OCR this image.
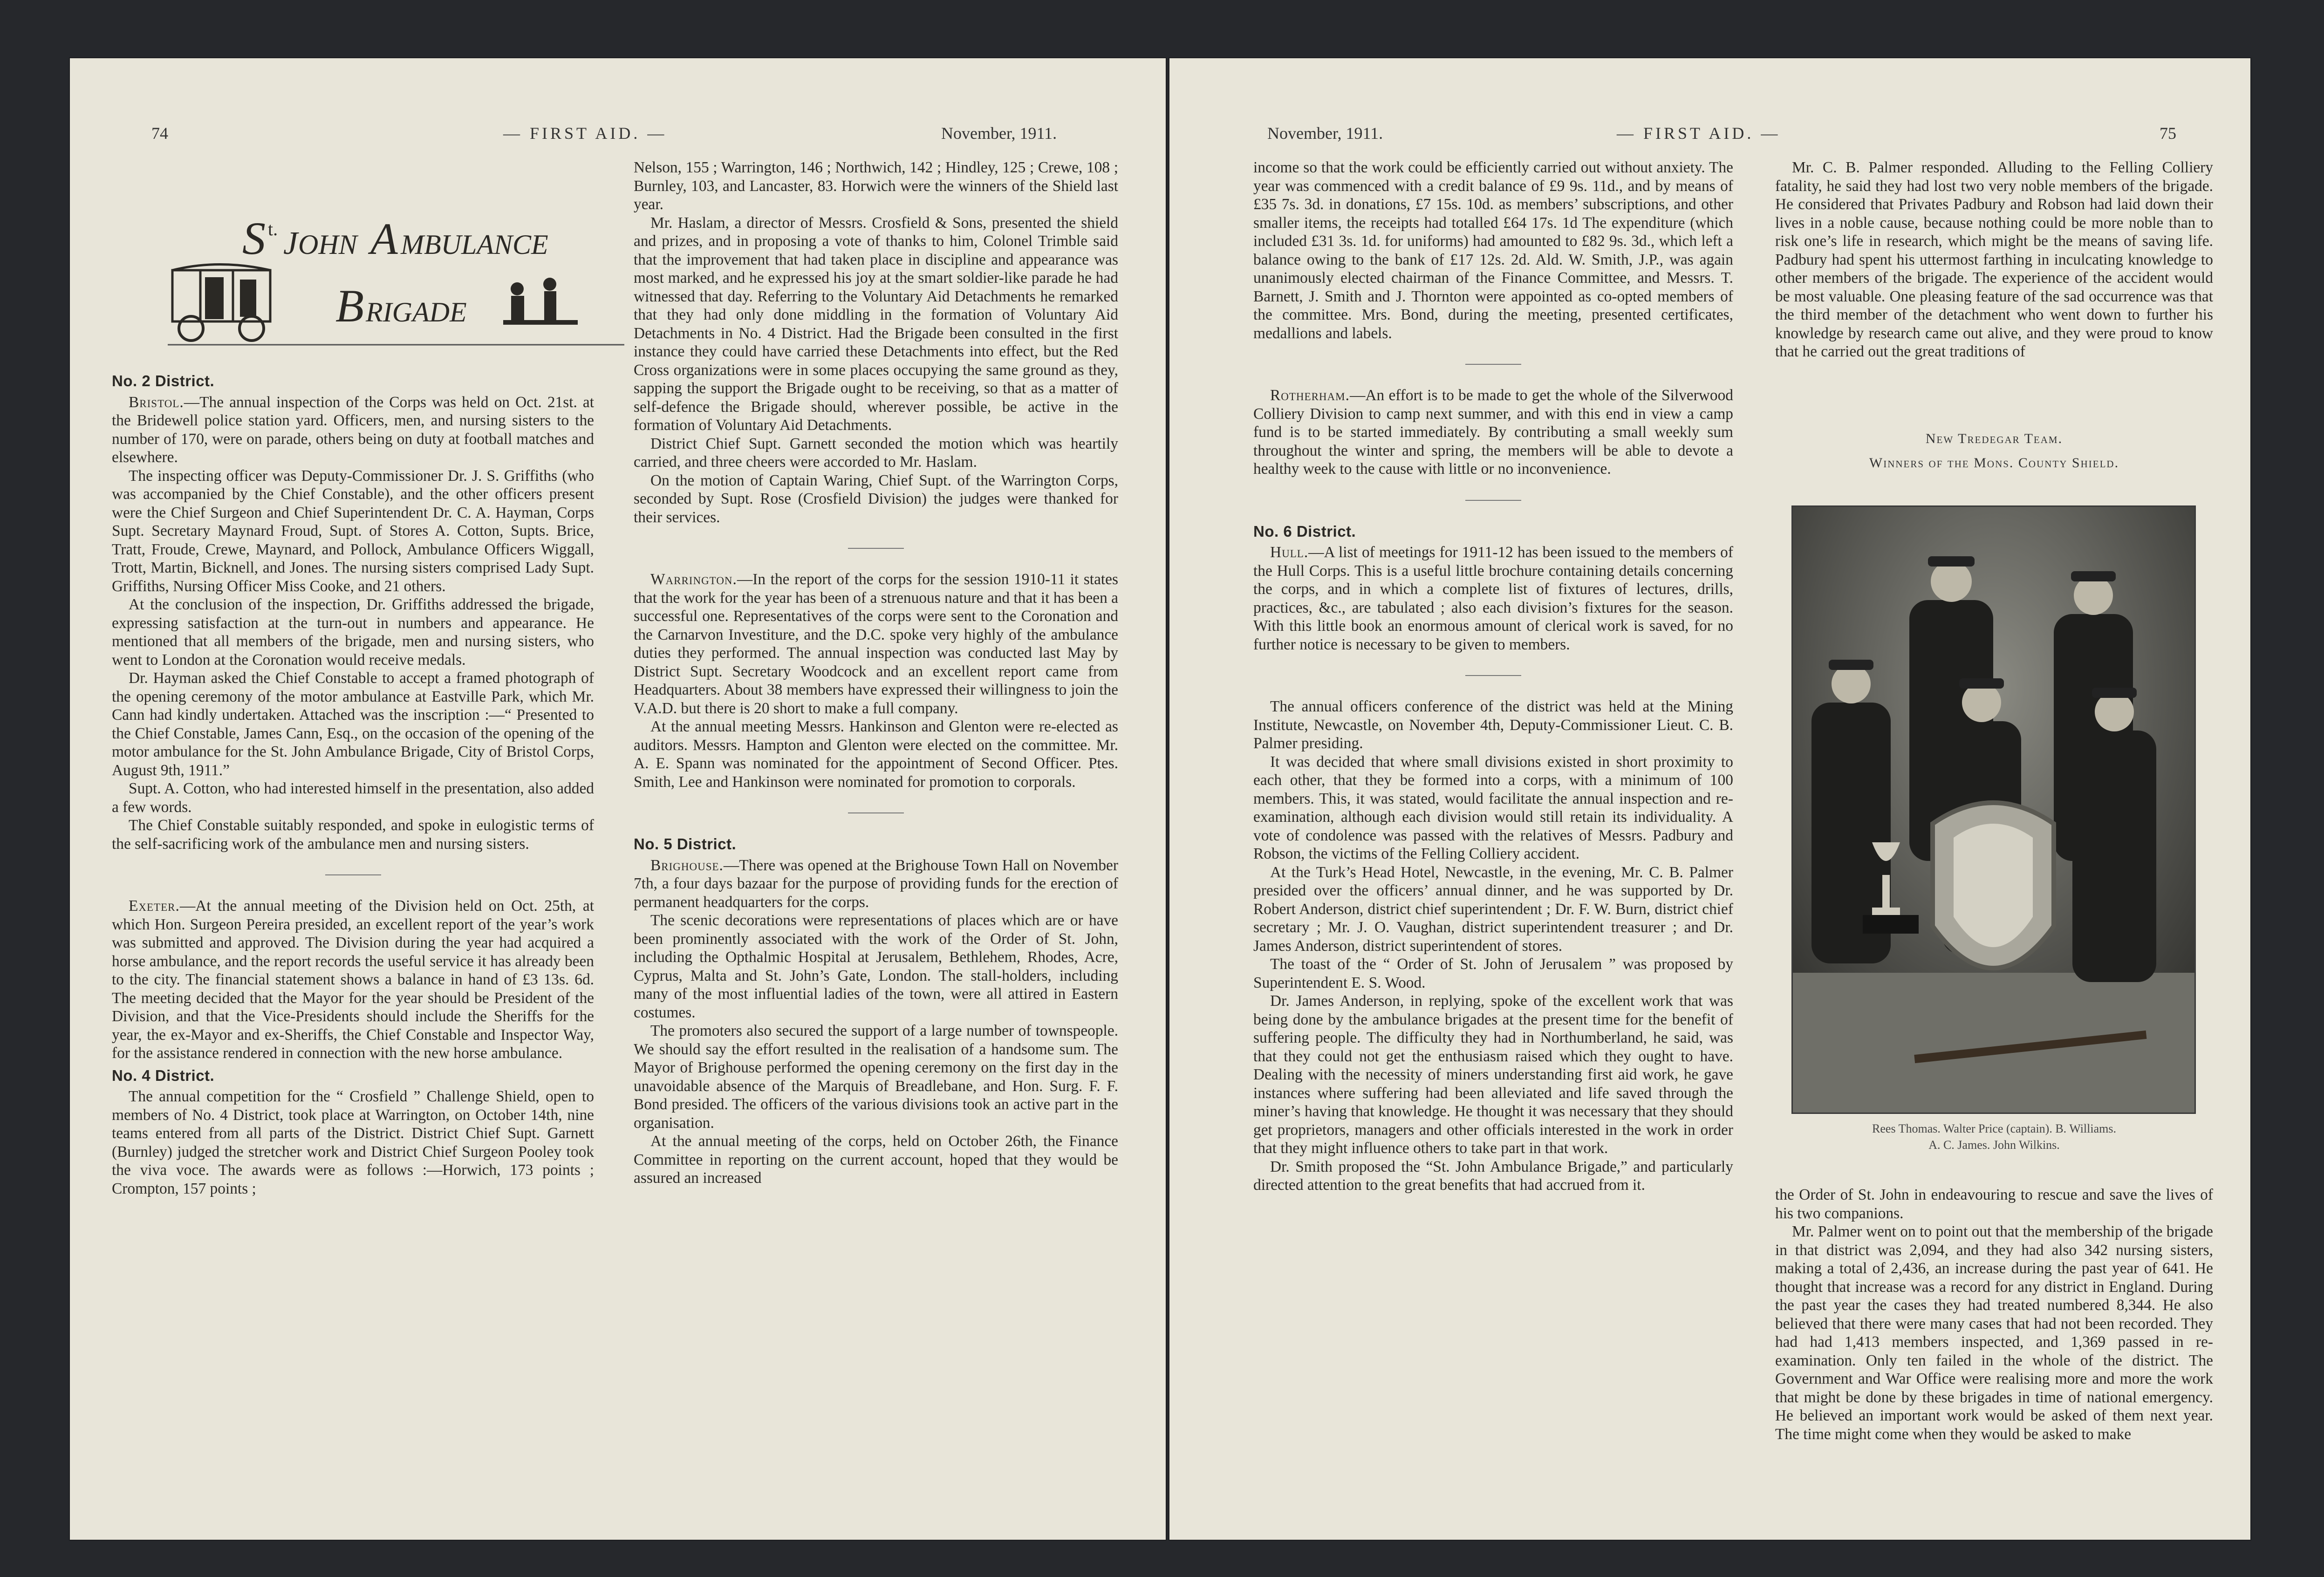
74	— FIRST AID. —	November, 1911.
S t. J OHN A MBULANCE
B RIGADE
No. 2 District.

Bristol.—The annual inspection of the Corps was held on Oct. 21st. at the Bridewell police station yard. Officers, men, and nursing sisters to the number of 170, were on parade, others being on duty at football matches and elsewhere.

The inspecting officer was Deputy-Commissioner Dr. J. S. Griffiths (who was accompanied by the Chief Constable), and the other officers present were the Chief Surgeon and Chief Superintendent Dr. C. A. Hayman, Corps Supt. Secretary Maynard Froud, Supt. of Stores A. Cotton, Supts. Brice, Tratt, Froude, Crewe, Maynard, and Pollock, Ambulance Officers Wiggall, Trott, Martin, Bicknell, and Jones. The nursing sisters comprised Lady Supt. Griffiths, Nursing Officer Miss Cooke, and 21 others.

At the conclusion of the inspection, Dr. Griffiths addressed the brigade, expressing satisfaction at the turn-out in numbers and appearance. He mentioned that all members of the brigade, men and nursing sisters, who went to London at the Coronation would receive medals.

Dr. Hayman asked the Chief Constable to accept a framed photograph of the opening ceremony of the motor ambulance at Eastville Park, which Mr. Cann had kindly undertaken. Attached was the inscription :—“ Presented to the Chief Constable, James Cann, Esq., on the occasion of the opening of the motor ambulance for the St. John Ambulance Brigade, City of Bristol Corps, August 9th, 1911.”

Supt. A. Cotton, who had interested himself in the presentation, also added a few words.

The Chief Constable suitably responded, and spoke in eulogistic terms of the self-sacrificing work of the ambulance men and nursing sisters.

Exeter.—At the annual meeting of the Division held on Oct. 25th, at which Hon. Surgeon Pereira presided, an excellent report of the year’s work was submitted and approved. The Division during the year had acquired a horse ambulance, and the report records the useful service it has already been to the city. The financial statement shows a balance in hand of £3 13s. 6d. The meeting decided that the Mayor for the year should be President of the Division, and that the Vice-Presidents should include the Sheriffs for the year, the ex-Mayor and ex-Sheriffs, the Chief Constable and Inspector Way, for the assistance rendered in connection with the new horse ambulance.

No. 4 District.

The annual competition for the “ Crosfield ” Challenge Shield, open to members of No. 4 District, took place at Warrington, on October 14th, nine teams entered from all parts of the District. District Chief Supt. Garnett (Burnley) judged the stretcher work and District Chief Surgeon Pooley took the viva voce. The awards were as follows :—Horwich, 173 points ; Crompton, 157 points ;

Nelson, 155 ; Warrington, 146 ; Northwich, 142 ; Hindley, 125 ; Crewe, 108 ; Burnley, 103, and Lancaster, 83. Horwich were the winners of the Shield last year.

Mr. Haslam, a director of Messrs. Crosfield & Sons, presented the shield and prizes, and in proposing a vote of thanks to him, Colonel Trimble said that the improvement that had taken place in discipline and appearance was most marked, and he expressed his joy at the smart soldier-like parade he had witnessed that day. Referring to the Voluntary Aid Detachments he remarked that they had only done middling in the formation of Voluntary Aid Detachments in No. 4 District. Had the Brigade been consulted in the first instance they could have carried these Detachments into effect, but the Red Cross organizations were in some places occupying the same ground as they, sapping the support the Brigade ought to be receiving, so that as a matter of self-defence the Brigade should, wherever possible, be active in the formation of Voluntary Aid Detachments.

District Chief Supt. Garnett seconded the motion which was heartily carried, and three cheers were accorded to Mr. Haslam.

On the motion of Captain Waring, Chief Supt. of the Warrington Corps, seconded by Supt. Rose (Crosfield Division) the judges were thanked for their services.

Warrington.—In the report of the corps for the session 1910-11 it states that the work for the year has been of a strenuous nature and that it has been a successful one. Representatives of the corps were sent to the Coronation and the Carnarvon Investiture, and the D.C. spoke very highly of the ambulance duties they performed. The annual inspection was conducted last May by District Supt. Secretary Woodcock and an excellent report came from Headquarters. About 38 members have expressed their willingness to join the V.A.D. but there is 20 short to make a full company.

At the annual meeting Messrs. Hankinson and Glenton were re-elected as auditors. Messrs. Hampton and Glenton were elected on the committee. Mr. A. E. Spann was nominated for the appointment of Second Officer. Ptes. Smith, Lee and Hankinson were nominated for promotion to corporals.

No. 5 District.

Brighouse.—There was opened at the Brighouse Town Hall on November 7th, a four days bazaar for the purpose of providing funds for the erection of permanent headquarters for the corps.

The scenic decorations were representations of places which are or have been prominently associated with the work of the Order of St. John, including the Opthalmic Hospital at Jerusalem, Bethlehem, Rhodes, Acre, Cyprus, Malta and St. John’s Gate, London. The stall-holders, including many of the most influential ladies of the town, were all attired in Eastern costumes.

The promoters also secured the support of a large number of townspeople. We should say the effort resulted in the realisation of a handsome sum. The Mayor of Brighouse performed the opening ceremony on the first day in the unavoidable absence of the Marquis of Breadlebane, and Hon. Surg. F. F. Bond presided. The officers of the various divisions took an active part in the organisation.

At the annual meeting of the corps, held on October 26th, the Finance Committee in reporting on the current account, hoped that they would be assured an increased

November, 1911.	— FIRST AID. —	75

income so that the work could be efficiently carried out without anxiety. The year was commenced with a credit balance of £9 9s. 11d., and by means of £35 7s. 3d. in donations, £7 15s. 10d. as members’ subscriptions, and other smaller items, the receipts had totalled £64 17s. 1d The expenditure (which included £31 3s. 1d. for uniforms) had amounted to £82 9s. 3d., which left a balance owing to the bank of £17 12s. 2d. Ald. W. Smith, J.P., was again unanimously elected chairman of the Finance Committee, and Messrs. T. Barnett, J. Smith and J. Thornton were appointed as co-opted members of the committee. Mrs. Bond, during the meeting, presented certificates, medallions and labels.

Rotherham.—An effort is to be made to get the whole of the Silverwood Colliery Division to camp next summer, and with this end in view a camp fund is to be started immediately. By contributing a small weekly sum throughout the winter and spring, the members will be able to devote a healthy week to the cause with little or no inconvenience.

No. 6 District.

Hull.—A list of meetings for 1911-12 has been issued to the members of the Hull Corps. This is a useful little brochure containing details concerning the corps, and in which a complete list of fixtures of lectures, drills, practices, &c., are tabulated ; also each division’s fixtures for the season. With this little book an enormous amount of clerical work is saved, for no further notice is necessary to be given to members.

The annual officers conference of the district was held at the Mining Institute, Newcastle, on November 4th, Deputy-Commissioner Lieut. C. B. Palmer presiding.

It was decided that where small divisions existed in short proximity to each other, that they be formed into a corps, with a minimum of 100 members. This, it was stated, would facilitate the annual inspection and re-examination, although each division would still retain its individuality. A vote of condolence was passed with the relatives of Messrs. Padbury and Robson, the victims of the Felling Colliery accident.

At the Turk’s Head Hotel, Newcastle, in the evening, Mr. C. B. Palmer presided over the officers’ annual dinner, and he was supported by Dr. Robert Anderson, district chief superintendent ; Dr. F. W. Burn, district chief secretary ; Mr. J. O. Vaughan, district superintendent treasurer ; and Dr. James Anderson, district superintendent of stores.

The toast of the “ Order of St. John of Jerusalem ” was proposed by Superintendent E. S. Wood.

Dr. James Anderson, in replying, spoke of the excellent work that was being done by the ambulance brigades at the present time for the benefit of suffering people. The difficulty they had in Northumberland, he said, was that they could not get the enthusiasm raised which they ought to have. Dealing with the necessity of miners understanding first aid work, he gave instances where suffering had been alleviated and life saved through the miner’s having that knowledge. He thought it was necessary that they should get proprietors, managers and other officials interested in the work in order that they might influence others to take part in that work.

Dr. Smith proposed the “St. John Ambulance Brigade,” and particularly directed attention to the great benefits that had accrued from it.

Mr. C. B. Palmer responded. Alluding to the Felling Colliery fatality, he said they had lost two very noble members of the brigade. He considered that Privates Padbury and Robson had laid down their lives in a noble cause, because nothing could be more noble than to risk one’s life in research, which might be the means of saving life. Padbury had spent his uttermost farthing in inculcating knowledge to other members of the brigade. The experience of the accident would be most valuable. One pleasing feature of the sad occurrence was that the third member of the detachment who went down to further his knowledge by research came out alive, and they were proud to know that he carried out the great traditions of

New Tredegar Team.
Winners of the Mons. County Shield.
Rees Thomas. Walter Price (captain). B. Williams.
A. C. James. John Wilkins.

the Order of St. John in endeavouring to rescue and save the lives of his two companions.

Mr. Palmer went on to point out that the membership of the brigade in that district was 2,094, and they had also 342 nursing sisters, making a total of 2,436, an increase during the past year of 641. He thought that increase was a record for any district in England. During the past year the cases they had treated numbered 8,344. He also believed that there were many cases that had not been recorded. They had had 1,413 members inspected, and 1,369 passed in re-examination. Only ten failed in the whole of the district. The Government and War Office were realising more and more the work that might be done by these brigades in time of national emergency. He believed an important work would be asked of them next year. The time might come when they would be asked to make
